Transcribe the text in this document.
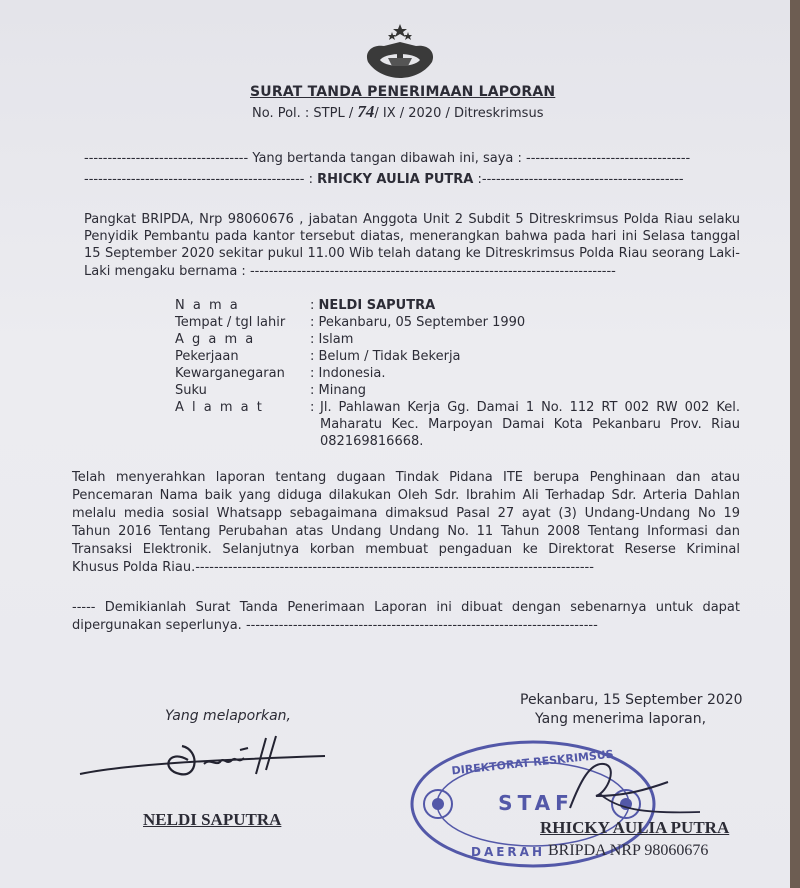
SURAT TANDA PENERIMAAN LAPORAN
No. Pol. : STPL / 74/ IX / 2020 / Ditreskrimsus
----------------------------------- Yang bertanda tangan dibawah ini, saya : -----------------------------------
----------------------------------------------- : RHICKY AULIA PUTRA :-------------------------------------------
Pangkat BRIPDA, Nrp 98060676 , jabatan Anggota Unit 2 Subdit 5 Ditreskrimsus Polda Riau selaku
Penyidik Pembantu pada kantor tersebut diatas, menerangkan bahwa pada hari ini Selasa tanggal
15 September 2020 sekitar pukul 11.00 Wib telah datang ke Ditreskrimsus Polda Riau seorang Laki-
Laki mengaku bernama : ------------------------------------------------------------------------------
N a m a	: NELDI SAPUTRA
Tempat / tgl lahir : Pekanbaru, 05 September 1990
A g a m a	: Islam
Pekerjaan	: Belum / Tidak Bekerja
Kewarganegaran : Indonesia.
Suku	: Minang
A l a m a t	: Jl. Pahlawan Kerja Gg. Damai 1 No. 112 RT 002 RW 002 Kel.
Maharatu Kec. Marpoyan Damai Kota Pekanbaru Prov. Riau
082169816668.
Telah menyerahkan laporan tentang dugaan Tindak Pidana ITE berupa Penghinaan dan atau
Pencemaran Nama baik yang diduga dilakukan Oleh Sdr. Ibrahim Ali Terhadap Sdr. Arteria Dahlan
melalu media sosial Whatsapp sebagaimana dimaksud Pasal 27 ayat (3) Undang-Undang No 19
Tahun 2016 Tentang Perubahan atas Undang Undang No. 11 Tahun 2008 Tentang Informasi dan
Transaksi Elektronik. Selanjutnya korban membuat pengaduan ke Direktorat Reserse Kriminal
Khusus Polda Riau.-------------------------------------------------------------------------------------
----- Demikianlah Surat Tanda Penerimaan Laporan ini dibuat dengan sebenarnya untuk dapat
dipergunakan seperlunya. ---------------------------------------------------------------------------
Pekanbaru, 15 September 2020
Yang menerima laporan,
Yang melaporkan,
NELDI SAPUTRA
DIREKTORAT RESKRIMSUS
STAF
DAERAH
RHICKY AULIA PUTRA
BRIPDA NRP 98060676
